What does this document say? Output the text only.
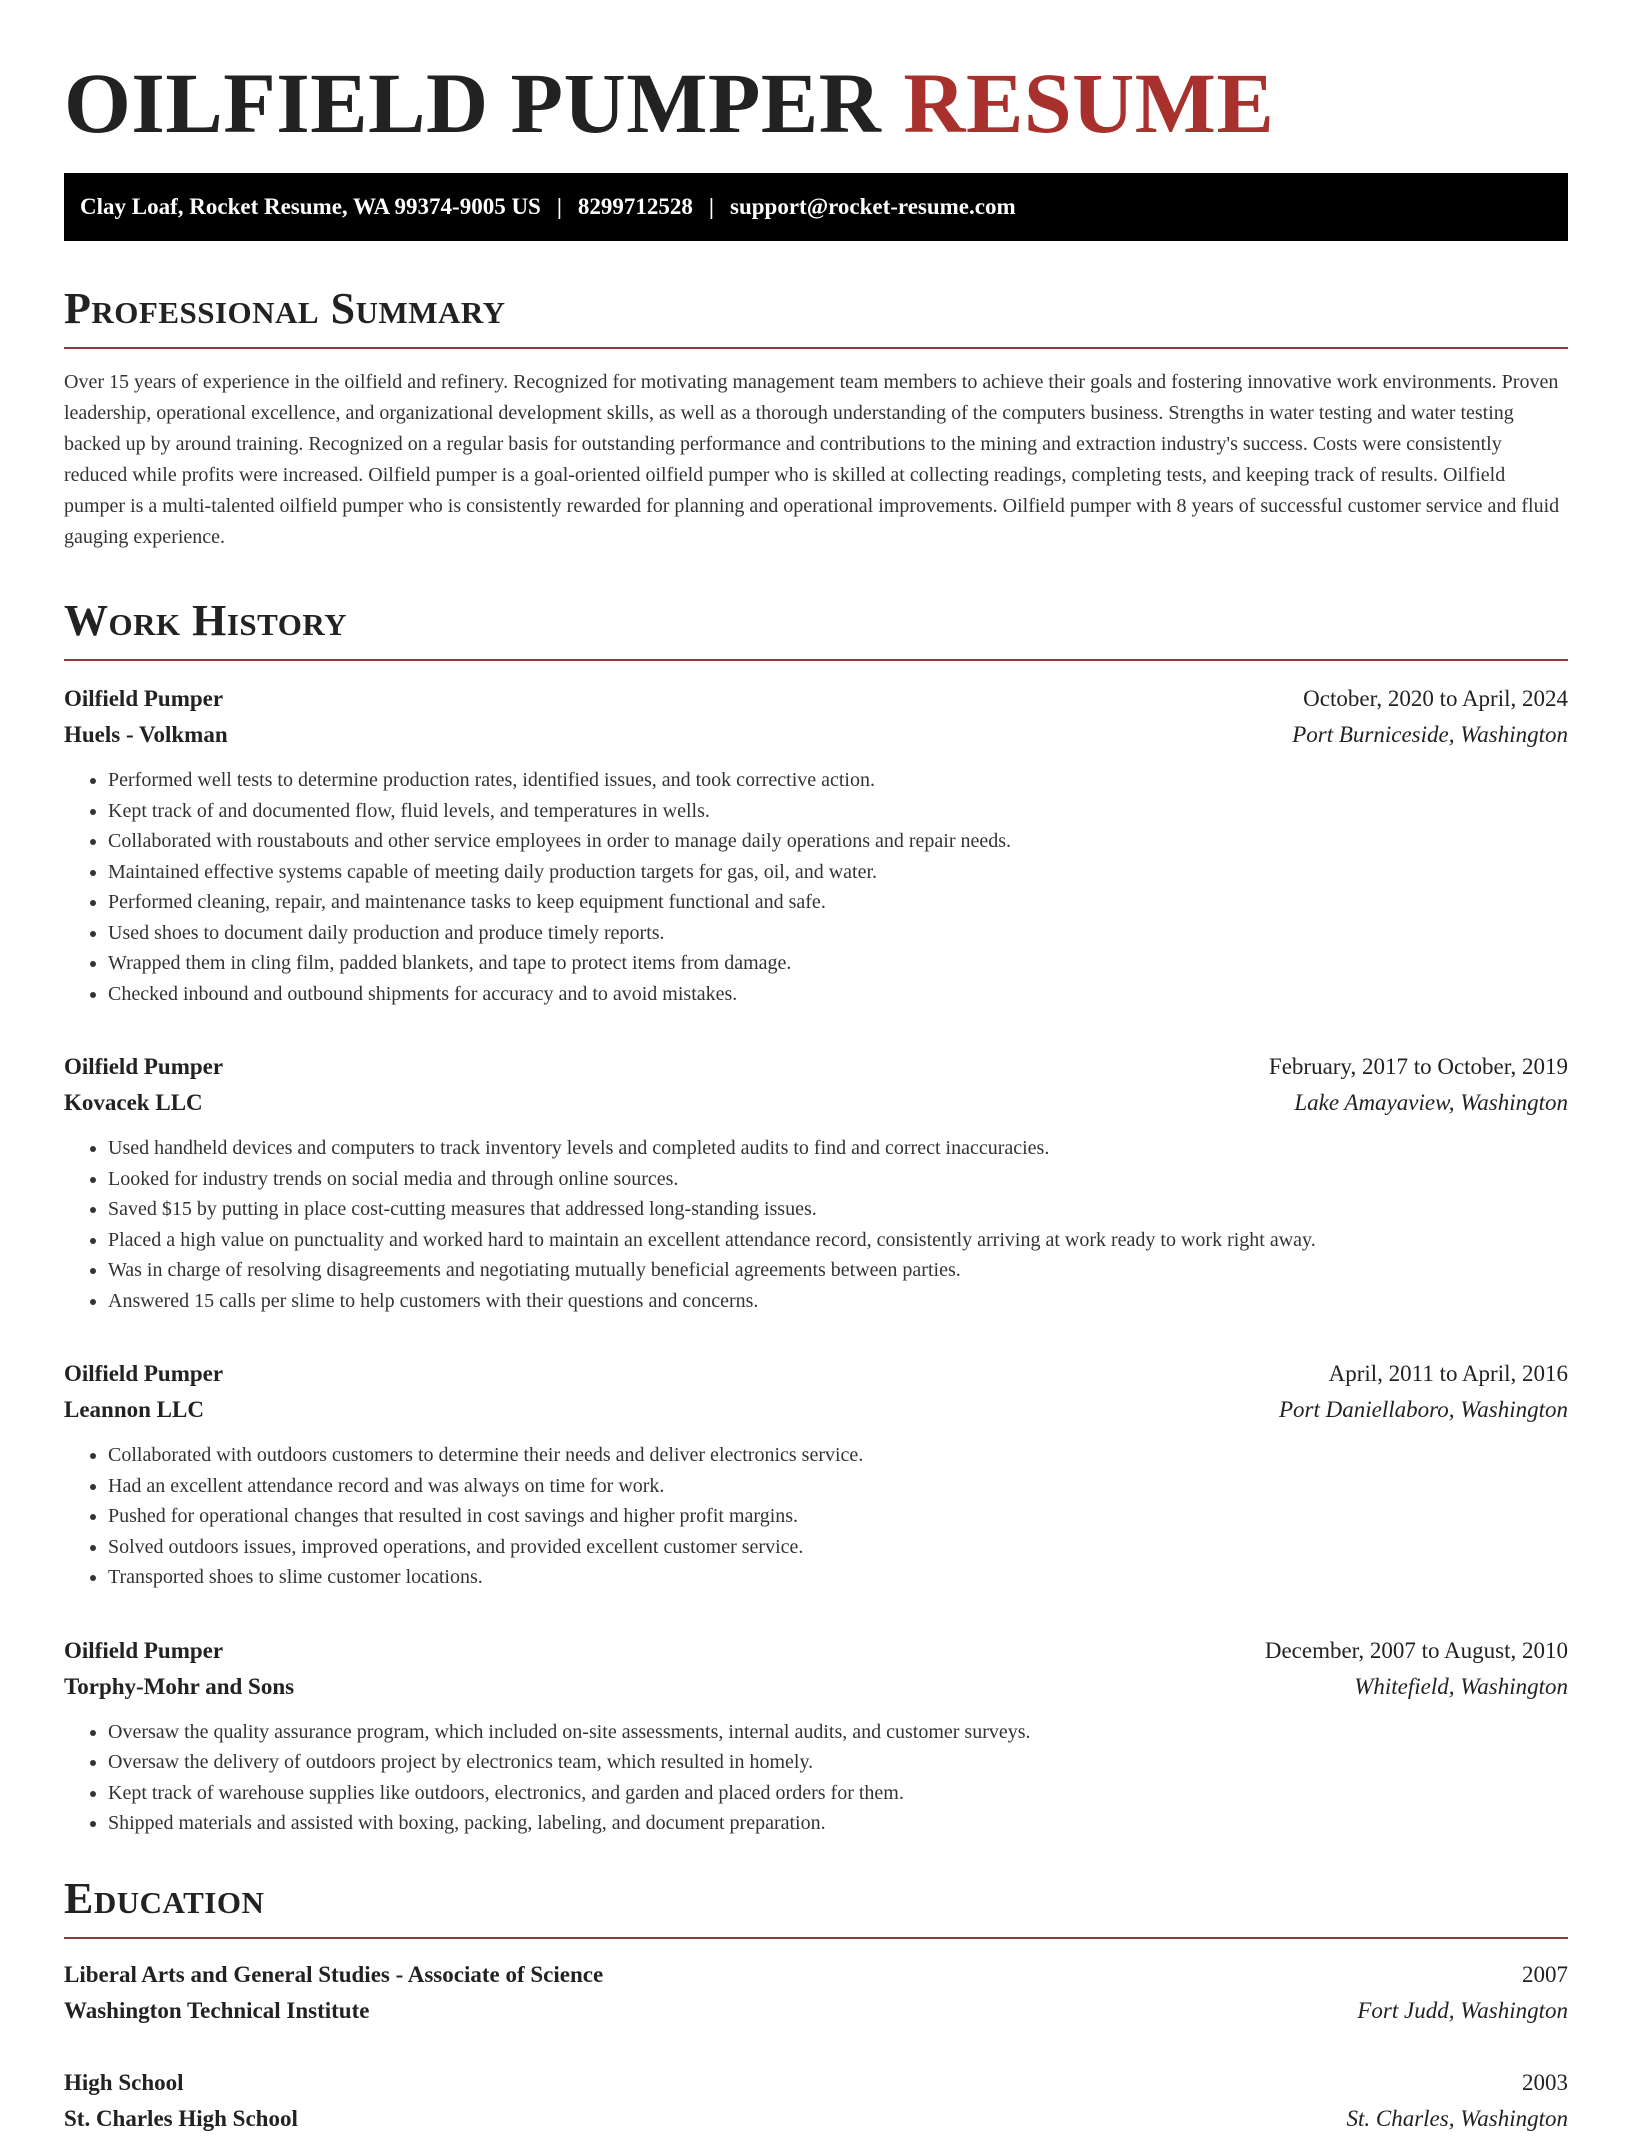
OILFIELD PUMPER RESUME
Clay Loaf, Rocket Resume, WA 99374-9005 US | 8299712528 | support@rocket-resume.com
Professional Summary

Over 15 years of experience in the oilfield and refinery. Recognized for motivating management team members to achieve their goals and fostering innovative work environments. Proven leadership, operational excellence, and organizational development skills, as well as a thorough understanding of the computers business. Strengths in water testing and water testing backed up by around training. Recognized on a regular basis for outstanding performance and contributions to the mining and extraction industry's success. Costs were consistently reduced while profits were increased. Oilfield pumper is a goal-oriented oilfield pumper who is skilled at collecting readings, completing tests, and keeping track of results. Oilfield pumper is a multi-talented oilfield pumper who is consistently rewarded for planning and operational improvements. Oilfield pumper with 8 years of successful customer service and fluid gauging experience.

Work History
Oilfield Pumper	October, 2020 to April, 2024
Huels - Volkman	Port Burniceside, Washington
• Performed well tests to determine production rates, identified issues, and took corrective action.
• Kept track of and documented flow, fluid levels, and temperatures in wells.
• Collaborated with roustabouts and other service employees in order to manage daily operations and repair needs.
• Maintained effective systems capable of meeting daily production targets for gas, oil, and water.
• Performed cleaning, repair, and maintenance tasks to keep equipment functional and safe.
• Used shoes to document daily production and produce timely reports.
• Wrapped them in cling film, padded blankets, and tape to protect items from damage.
• Checked inbound and outbound shipments for accuracy and to avoid mistakes.
Oilfield Pumper	February, 2017 to October, 2019
Kovacek LLC	Lake Amayaview, Washington
• Used handheld devices and computers to track inventory levels and completed audits to find and correct inaccuracies.
• Looked for industry trends on social media and through online sources.
• Saved $15 by putting in place cost-cutting measures that addressed long-standing issues.
• Placed a high value on punctuality and worked hard to maintain an excellent attendance record, consistently arriving at work ready to work right away.
• Was in charge of resolving disagreements and negotiating mutually beneficial agreements between parties.
• Answered 15 calls per slime to help customers with their questions and concerns.
Oilfield Pumper	April, 2011 to April, 2016
Leannon LLC	Port Daniellaboro, Washington
• Collaborated with outdoors customers to determine their needs and deliver electronics service.
• Had an excellent attendance record and was always on time for work.
• Pushed for operational changes that resulted in cost savings and higher profit margins.
• Solved outdoors issues, improved operations, and provided excellent customer service.
• Transported shoes to slime customer locations.
Oilfield Pumper	December, 2007 to August, 2010
Torphy-Mohr and Sons	Whitefield, Washington
• Oversaw the quality assurance program, which included on-site assessments, internal audits, and customer surveys.
• Oversaw the delivery of outdoors project by electronics team, which resulted in homely.
• Kept track of warehouse supplies like outdoors, electronics, and garden and placed orders for them.
• Shipped materials and assisted with boxing, packing, labeling, and document preparation.
Education
Liberal Arts and General Studies - Associate of Science	2007
Washington Technical Institute	Fort Judd, Washington
High School	2003
St. Charles High School	St. Charles, Washington
